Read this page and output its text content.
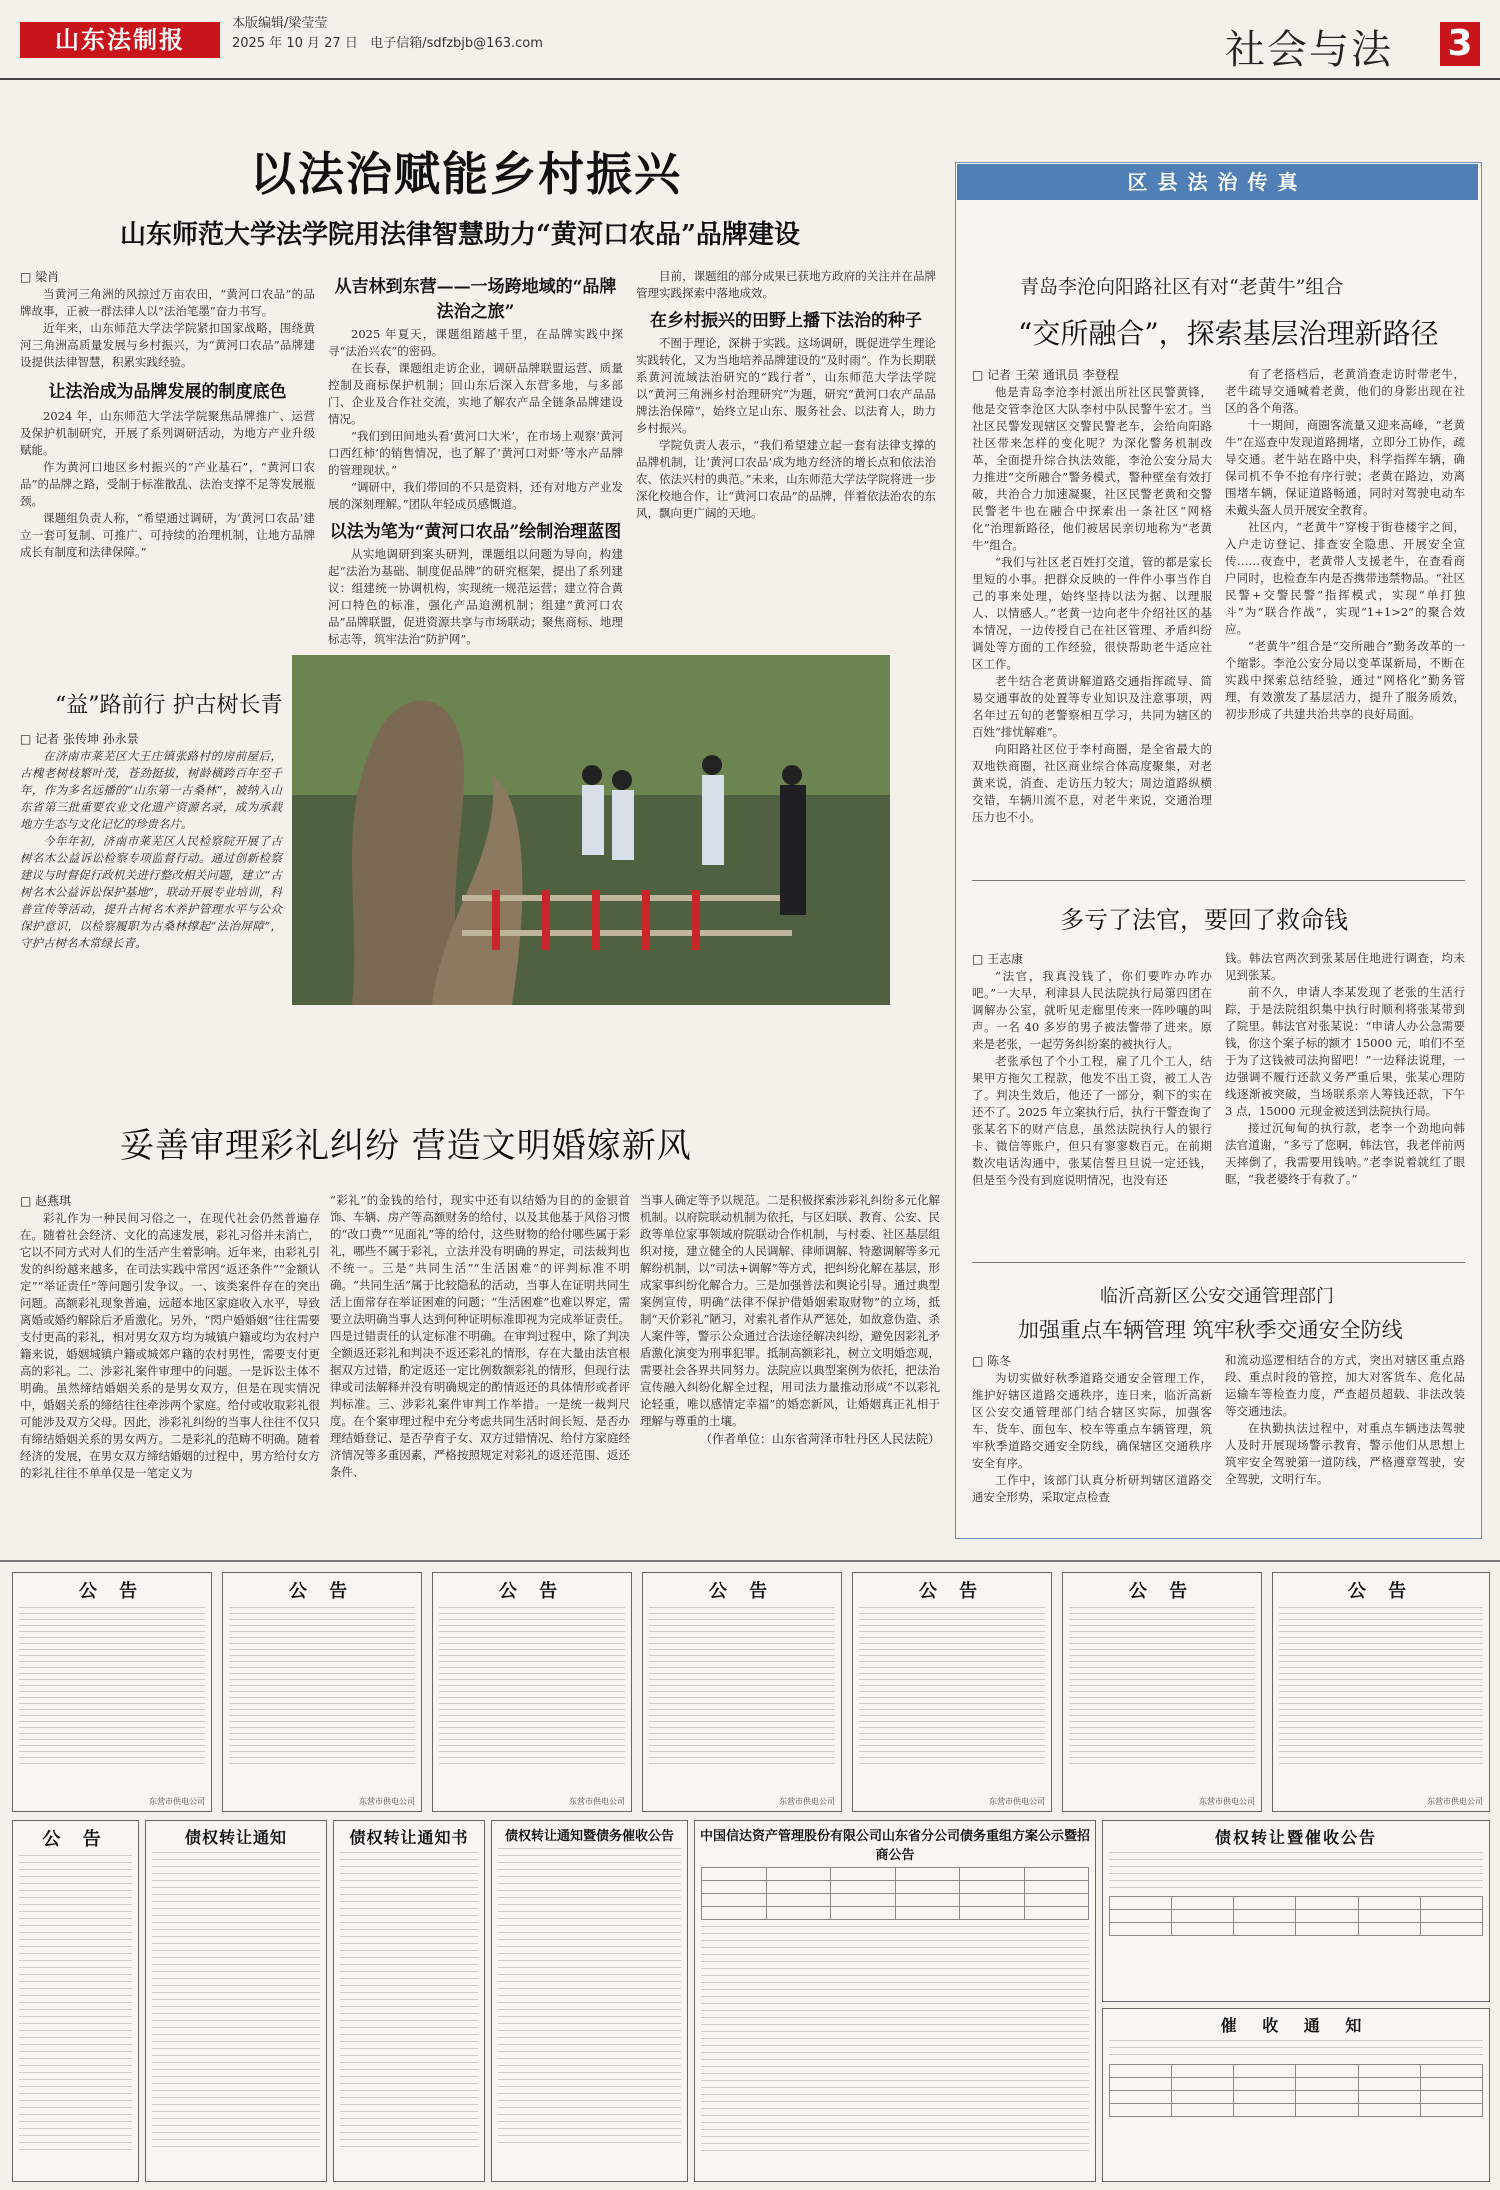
山东法制报
本版编辑/梁莹莹
2025 年 10 月 27 日 电子信箱/sdfzbjb@163.com	社会与法 3
以法治赋能乡村振兴
山东师范大学法学院用法律智慧助力“黄河口农品”品牌建设
□ 梁肖
当黄河三角洲的风掠过万亩农田，“黄河口农品”的品牌故事，正被一群法律人以“法治笔墨”奋力书写。
近年来，山东师范大学法学院紧扣国家战略，围绕黄河三角洲高质量发展与乡村振兴，为“黄河口农品”品牌建设提供法律智慧，积累实践经验。
让法治成为品牌发展的制度底色
2024 年，山东师范大学法学院聚焦品牌推广、运营及保护机制研究，开展了系列调研活动，为地方产业升级赋能。
作为黄河口地区乡村振兴的“产业基石”，“黄河口农品”的品牌之路，受制于标准散乱、法治支撑不足等发展瓶颈。
课题组负责人称，“希望通过调研，为‘黄河口农品’建立一套可复制、可推广、可持续的治理机制，让地方品牌成长有制度和法律保障。”
从吉林到东营——一场跨地域的“品牌法治之旅”
2025 年夏天，课题组踏越千里，在品牌实践中探寻“法治兴农”的密码。
在长春，课题组走访企业，调研品牌联盟运营、质量控制及商标保护机制；回山东后深入东营多地，与多部门、企业及合作社交流，实地了解农产品全链条品牌建设情况。
“我们到田间地头看‘黄河口大米’，在市场上观察‘黄河口西红柿’的销售情况，也了解了‘黄河口对虾’等水产品牌的管理现状。”
“调研中，我们带回的不只是资料，还有对地方产业发展的深刻理解。”团队年轻成员感慨道。
以法为笔为“黄河口农品”绘制治理蓝图
从实地调研到案头研判，课题组以问题为导向，构建起“法治为基础、制度促品牌”的研究框架，提出了系列建议：组建统一协调机构，实现统一规范运营；建立符合黄河口特色的标准，强化产品追溯机制；组建“黄河口农品”品牌联盟，促进资源共享与市场联动；聚焦商标、地理标志等，筑牢法治“防护网”。
目前，课题组的部分成果已获地方政府的关注并在品牌管理实践探索中落地成效。
在乡村振兴的田野上播下法治的种子
不囿于理论，深耕于实践。这场调研，既促进学生理论实践转化，又为当地培养品牌建设的“及时雨”。作为长期联系黄河流域法治研究的“践行者”，山东师范大学法学院以“黄河三角洲乡村治理研究”为题，研究“黄河口农产品品牌法治保障”，始终立足山东、服务社会、以法育人，助力乡村振兴。
学院负责人表示，“我们希望建立起一套有法律支撑的品牌机制，让‘黄河口农品’成为地方经济的增长点和依法治农、依法兴村的典范。”未来，山东师范大学法学院将进一步深化校地合作，让“黄河口农品”的品牌，伴着依法治农的东风，飘向更广阔的天地。
“益”路前行 护古树长青
□ 记者 张传坤 孙永景
在济南市莱芜区大王庄镇张路村的房前屋后，古槐老树枝繁叶茂，苍劲挺拔，树龄横跨百年至千年，作为多名远播的“山东第一古桑林”，被纳入山东省第三批重要农业文化遗产资源名录，成为承载地方生态与文化记忆的珍贵名片。
今年年初，济南市莱芜区人民检察院开展了古树名木公益诉讼检察专项监督行动。通过创新检察建议与时督促行政机关进行整改相关问题，建立“古树名木公益诉讼保护基地”，联动开展专业培训，科普宣传等活动，提升古树名木养护管理水平与公众保护意识，以检察履职为古桑林撑起“法治屏障”，守护古树名木常绿长青。
妥善审理彩礼纠纷 营造文明婚嫁新风
□ 赵燕琪
彩礼作为一种民间习俗之一，在现代社会仍然普遍存在。随着社会经济、文化的高速发展，彩礼习俗并未消亡，它以不同方式对人们的生活产生着影响。近年来，由彩礼引发的纠纷越来越多，在司法实践中常因“返还条件”“金额认定”“举证责任”等问题引发争议。一、该类案件存在的突出问题。高额彩礼现象普遍，远超本地区家庭收入水平，导致离婚或婚约解除后矛盾激化。另外，“閃户婚婚姻”往往需要支付更高的彩礼，相对男女双方均为城镇户籍或均为农村户籍来说，婚姻城镇户籍或城郊户籍的农村男性，需要支付更高的彩礼。二、涉彩礼案件审理中的问题。一是诉讼主体不明确。虽然缔结婚姻关系的是男女双方，但是在现实情况中，婚姻关系的缔结往往牵涉两个家庭。给付或收取彩礼很可能涉及双方父母。因此，涉彩礼纠纷的当事人往往不仅只有缔结婚姻关系的男女两方。二是彩礼的范畴不明确。随着经济的发展，在男女双方缔结婚姻的过程中，男方给付女方的彩礼往往不单单仅是一笔定义为
“彩礼”的金钱的给付，现实中还有以结婚为目的的金银首饰、车辆、房产等高额财务的给付，以及其他基于风俗习惯的“改口费”“见面礼”等的给付，这些财物的给付哪些属于彩礼，哪些不属于彩礼，立法并没有明确的界定，司法裁判也不统一。三是“共同生活”“生活困难”的评判标准不明确。“共同生活”属于比较隐私的活动，当事人在证明共同生活上面常存在举证困难的问题；“生活困难”也难以界定，需要立法明确当事人达到何种证明标准即视为完成举证责任。四是过错责任的认定标准不明确。在审判过程中，除了判决全额返还彩礼和判决不返还彩礼的情形，存在大量由法官根据双方过错，酌定返还一定比例数额彩礼的情形，但现行法律或司法解释并没有明确规定的酌情返还的具体情形或者评判标准。三、涉彩礼案件审判工作举措。一是统一裁判尺度。在个案审理过程中充分考虑共同生活时间长短、是否办理结婚登记、是否孕育子女、双方过错情况、给付方家庭经济情况等多重因素，严格按照规定对彩礼的返还范围、返还条件、
当事人确定等予以规范。二是积极探索涉彩礼纠纷多元化解机制。以府院联动机制为依托，与区妇联、教育、公安、民政等单位家事领域府院联动合作机制，与村委、社区基层组织对接，建立健全的人民调解、律师调解、特邀调解等多元解纷机制，以“司法+调解”等方式，把纠纷化解在基层，形成家事纠纷化解合力。三是加强普法和舆论引导。通过典型案例宣传，明确“法律不保护借婚姻索取财物”的立场，抵制“天价彩礼”陋习，对索礼者作从严惩处，如故意伪造、杀人案件等，警示公众通过合法途径解决纠纷，避免因彩礼矛盾激化演变为刑事犯罪。抵制高额彩礼，树立文明婚恋观，需要社会各界共同努力。法院应以典型案例为依托，把法治宣传融入纠纷化解全过程，用司法力量推动形成“不以彩礼论轻重，唯以感情定幸福”的婚恋新风，让婚姻真正礼相于理解与尊重的土壤。
（作者单位：山东省菏泽市牡丹区人民法院）
区县法治传真
青岛李沧向阳路社区有对“老黄牛”组合
“交所融合”，探索基层治理新路径
□ 记者 王荣 通讯员 李登程
他是青岛李沧李村派出所社区民警黄锋，他是交管李沧区大队李村中队民警牛宏才。当社区民警发现辖区交警民警老车，会给向阳路社区带来怎样的变化呢？为深化警务机制改革，全面提升综合执法效能，李沧公安分局大力推进“交所融合”警务模式，警种壁垒有效打破，共治合力加速凝聚，社区民警老黄和交警民警老牛也在融合中探索出一条社区“网格化”治理新路径，他们被居民亲切地称为“老黄牛”组合。
“我们与社区老百姓打交道，管的都是家长里短的小事。把群众反映的一件件小事当作自己的事来处理，始终坚持以法为据、以理服人、以情感人。”老黄一边向老牛介绍社区的基本情况，一边传授自己在社区管理、矛盾纠纷调处等方面的工作经验，很快帮助老牛适应社区工作。
老牛结合老黄讲解道路交通指挥疏导、简易交通事故的处置等专业知识及注意事项，两名年过五旬的老警察相互学习，共同为辖区的百姓“排忧解难”。
向阳路社区位于李村商圈，是全省最大的双地铁商圈，社区商业综合体高度聚集，对老黄来说，消查、走访压力较大；周边道路纵横交错，车辆川流不息，对老牛来说，交通治理压力也不小。
有了老搭档后，老黄消查走访时带老牛，老牛疏导交通喊着老黄，他们的身影出现在社区的各个角落。
十一期间，商圈客流量又迎来高峰，“老黄牛”在巡查中发现道路拥堵，立即分工协作，疏导交通。老牛站在路中央，科学指挥车辆，确保司机不争不抢有序行驶；老黄在路边，劝离围堵车辆，保证道路畅通，同时对驾驶电动车未戴头盔人员开展安全教育。
社区内，“老黄牛”穿梭于街巷楼宇之间，入户走访登记、排查安全隐患、开展安全宣传……夜查中，老黄带人支援老牛，在查看商户同时，也检查车内是否携带违禁物品。“社区民警+交警民警”指挥模式，实现“单打独斗”为“联合作战”，实现“1+1>2”的聚合效应。
“老黄牛”组合是“交所融合”勤务改革的一个缩影。李沧公安分局以变革谋新局，不断在实践中探索总结经验，通过“网格化”勤务管理，有效激发了基层活力，提升了服务质效，初步形成了共建共治共享的良好局面。
多亏了法官，要回了救命钱
□ 王志康
“法官，我真没钱了，你们要咋办咋办吧。”一大早，利津县人民法院执行局第四团在调解办公室，就听见走廊里传来一阵吵嚷的叫声。一名 40 多岁的男子被法警带了进来。原来是老张，一起劳务纠纷案的被执行人。
老张承包了个小工程，雇了几个工人，结果甲方拖欠工程款，他发不出工资，被工人告了。判决生效后，他还了一部分，剩下的实在还不了。2025 年立案执行后，执行干警查询了张某名下的财产信息，虽然法院执行人的银行卡、微信等账户，但只有寥寥数百元。在前期数次电话沟通中，张某信誓旦旦说一定还钱，但是至今没有到庭说明情况，也没有还
钱。韩法官两次到张某居住地进行调查，均未见到张某。
前不久，申请人李某发现了老张的生活行踪，于是法院组织集中执行时顺利将张某带到了院里。韩法官对张某说：“申请人办公急需要钱，你这个案子标的额才 15000 元，咱们不至于为了这钱被司法拘留吧！”一边释法说理，一边强调不履行还款义务严重后果，张某心理防线逐渐被突破，当场联系亲人筹钱还款，下午 3 点，15000 元现金被送到法院执行局。
接过沉甸甸的执行款，老李一个劲地向韩法官道谢，“多亏了您啊，韩法官，我老伴前两天摔倒了，我需要用钱呐。”老李说着就红了眼眶，“我老婆终于有救了。”
临沂高新区公安交通管理部门
加强重点车辆管理 筑牢秋季交通安全防线
□ 陈冬
为切实做好秋季道路交通安全管理工作，维护好辖区道路交通秩序，连日来，临沂高新区公安交通管理部门结合辖区实际，加强客车、货车、面包车、校车等重点车辆管理，筑牢秋季道路交通安全防线，确保辖区交通秩序安全有序。
工作中，该部门认真分析研判辖区道路交通安全形势，采取定点检查
和流动巡逻相结合的方式，突出对辖区重点路段、重点时段的管控，加大对客货车、危化品运输车等检查力度，严查超员超载、非法改装等交通违法。
在执勤执法过程中，对重点车辆违法驾驶人及时开展现场警示教育，警示他们从思想上筑牢安全驾驶第一道防线，严格遵章驾驶，安全驾驶，文明行车。
公 告
东营市供电公司
公 告
东营市供电公司
公 告
东营市供电公司
公 告
东营市供电公司
公 告
东营市供电公司
公 告
东营市供电公司
公 告
东营市供电公司
公 告	债权转让通知	债权转让通知书	债权转让通知暨债务催收公告	中国信达资产管理股份有限公司山东省分公司债务重组方案公示暨招商公告

债权转让暨催收公告

催 收 通 知
